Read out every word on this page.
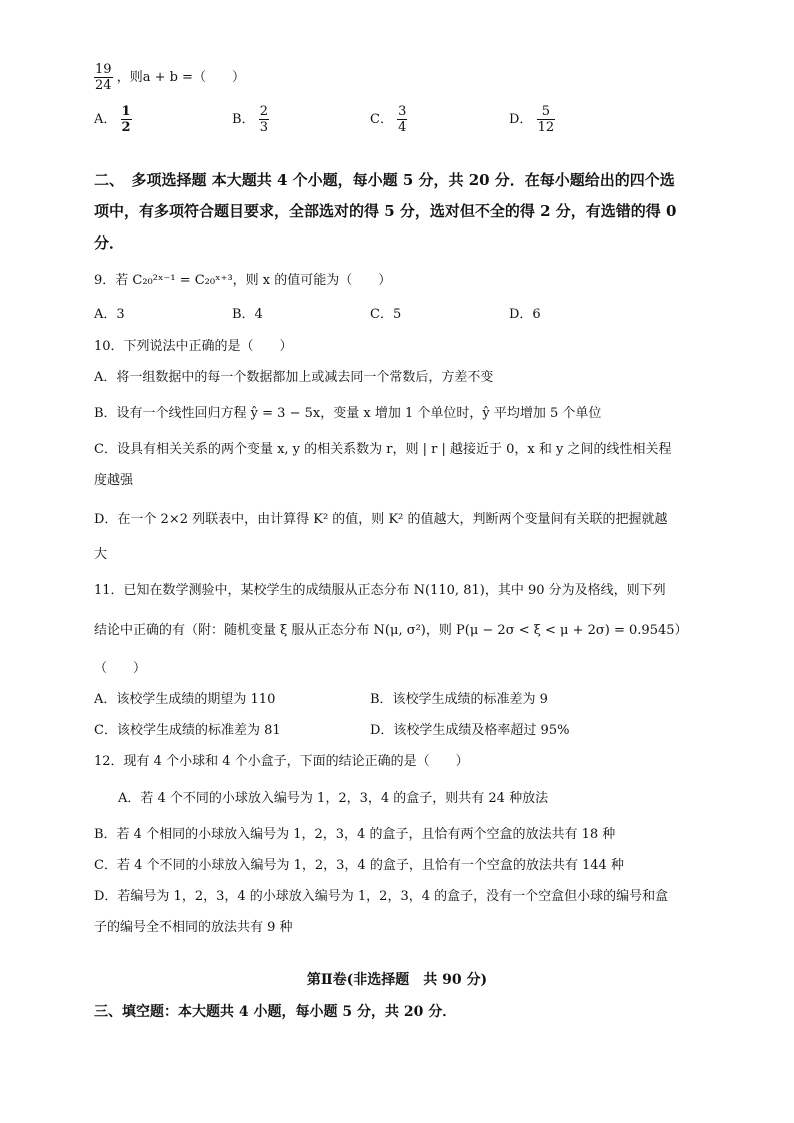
$\frac{19}{24}$ ，则a + b =（　　）
A． $\frac{1}{2}$	B． $\frac{2}{3}$	C． $\frac{3}{4}$	D． $\frac{5}{12}$
二、　多项选择题 本大题共 4 个小题，每小题 5 分，共 20 分．在每小题给出的四个选
项中，有多项符合题目要求，全部选对的得 5 分，选对但不全的得 2 分，有选错的得 0
分．
9．若 C₂₀²ˣ⁻¹ = C₂₀ˣ⁺³，则 x 的值可能为（　　）
A．3	B．4	C．5	D．6
10．下列说法中正确的是（　　）
A．将一组数据中的每一个数据都加上或减去同一个常数后，方差不变
B．设有一个线性回归方程 ŷ = 3 − 5x，变量 x 增加 1 个单位时，ŷ 平均增加 5 个单位
C．设具有相关关系的两个变量 x, y 的相关系数为 r，则 | r | 越接近于 0，x 和 y 之间的线性相关程
度越强
D．在一个 2×2 列联表中，由计算得 K² 的值，则 K² 的值越大，判断两个变量间有关联的把握就越
大
11．已知在数学测验中，某校学生的成绩服从正态分布 N(110, 81)，其中 90 分为及格线，则下列
结论中正确的有（附：随机变量 ξ 服从正态分布 N(μ, σ²)，则 P(μ − 2σ < ξ < μ + 2σ) = 0.9545）
（　　）
A．该校学生成绩的期望为 110	B．该校学生成绩的标准差为 9
C．该校学生成绩的标准差为 81	D．该校学生成绩及格率超过 95%
12．现有 4 个小球和 4 个小盒子，下面的结论正确的是（　　）
A．若 4 个不同的小球放入编号为 1，2，3，4 的盒子，则共有 24 种放法
B．若 4 个相同的小球放入编号为 1，2，3，4 的盒子，且恰有两个空盒的放法共有 18 种
C．若 4 个不同的小球放入编号为 1，2，3，4 的盒子，且恰有一个空盒的放法共有 144 种
D．若编号为 1，2，3，4 的小球放入编号为 1，2，3，4 的盒子，没有一个空盒但小球的编号和盒
子的编号全不相同的放法共有 9 种
第Ⅱ卷(非选择题　共 90 分)
三、填空题：本大题共 4 小题，每小题 5 分，共 20 分．
